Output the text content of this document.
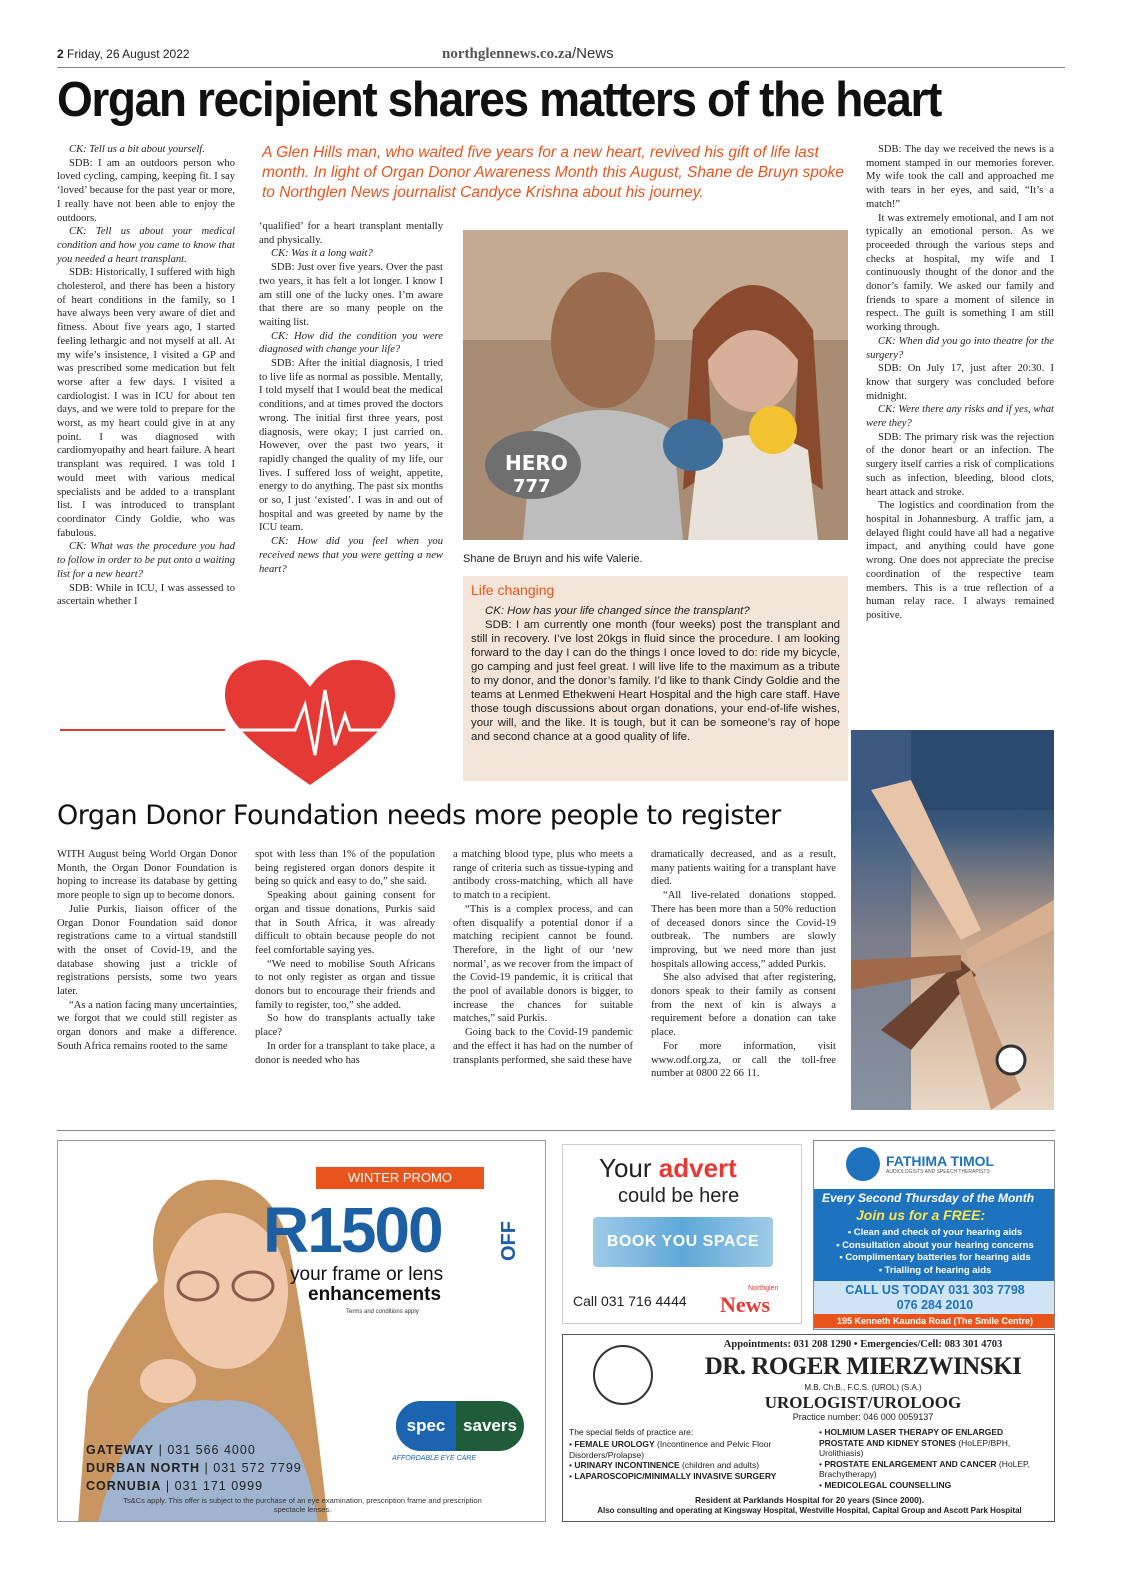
2 Friday, 26 August 2022	northglennews.co.za/News
Organ recipient shares matters of the heart

CK: Tell us a bit about yourself.

SDB: I am an outdoors person who loved cycling, camping, keeping fit. I say ‘loved’ because for the past year or more, I really have not been able to enjoy the outdoors.

CK: Tell us about your medical condition and how you came to know that you needed a heart transplant.

SDB: Historically, I suffered with high cholesterol, and there has been a history of heart conditions in the family, so I have always been very aware of diet and fitness. About five years ago, I started feeling lethargic and not myself at all. At my wife’s insistence, I visited a GP and was prescribed some medication but felt worse after a few days. I visited a cardiologist. I was in ICU for about ten days, and we were told to prepare for the worst, as my heart could give in at any point. I was diagnosed with cardiomyopathy and heart failure. A heart transplant was required. I was told I would meet with various medical specialists and be added to a transplant list. I was introduced to transplant coordinator Cindy Goldie, who was fabulous.

CK: What was the procedure you had to follow in order to be put onto a waiting list for a new heart?

SDB: While in ICU, I was assessed to ascertain whether I

‘qualified’ for a heart transplant mentally and physically.

CK: Was it a long wait?

SDB: Just over five years. Over the past two years, it has felt a lot longer. I know I am still one of the lucky ones. I’m aware that there are so many people on the waiting list.

CK: How did the condition you were diagnosed with change your life?

SDB: After the initial diagnosis, I tried to live life as normal as possible. Mentally, I told myself that I would beat the medical conditions, and at times proved the doctors wrong. The initial first three years, post diagnosis, were okay; I just carried on. However, over the past two years, it rapidly changed the quality of my life, our lives. I suffered loss of weight, appetite, energy to do anything. The past six months or so, I just ‘existed’. I was in and out of hospital and was greeted by name by the ICU team.

CK: How did you feel when you received news that you were getting a new heart?

SDB: The day we received the news is a moment stamped in our memories forever. My wife took the call and approached me with tears in her eyes, and said, “It’s a match!”

It was extremely emotional, and I am not typically an emotional person. As we proceeded through the various steps and checks at hospital, my wife and I continuously thought of the donor and the donor’s family. We asked our family and friends to spare a moment of silence in respect. The guilt is something I am still working through.

CK: When did you go into theatre for the surgery?

SDB: On July 17, just after 20:30. I know that surgery was concluded before midnight.

CK: Were there any risks and if yes, what were they?

SDB: The primary risk was the rejection of the donor heart or an infection. The surgery itself carries a risk of complications such as infection, bleeding, blood clots, heart attack and stroke.

The logistics and coordination from the hospital in Johannesburg. A traffic jam, a delayed flight could have all had a negative impact, and anything could have gone wrong. One does not appreciate the precise coordination of the respective team members. This is a true reflection of a human relay race. I always remained positive.

A Glen Hills man, who waited five years for a new heart, revived his gift of life last month. In light of Organ Donor Awareness Month this August, Shane de Bruyn spoke to Northglen News journalist Candyce Krishna about his journey.
HERO
777
Shane de Bruyn and his wife Valerie.
Life changing

CK: How has your life changed since the transplant?

SDB: I am currently one month (four weeks) post the transplant and still in recovery. I’ve lost 20kgs in fluid since the procedure. I am looking forward to the day I can do the things I once loved to do: ride my bicycle, go camping and just feel great. I will live life to the maximum as a tribute to my donor, and the donor’s family. I’d like to thank Cindy Goldie and the teams at Lenmed Ethekweni Heart Hospital and the high care staff. Have those tough discussions about organ donations, your end-of-life wishes, your will, and the like. It is tough, but it can be someone’s ray of hope and second chance at a good quality of life.

Organ Donor Foundation needs more people to register

WITH August being World Organ Donor Month, the Organ Donor Foundation is hoping to increase its database by getting more people to sign up to become donors.

Julie Purkis, liaison officer of the Organ Donor Foundation said donor registrations came to a virtual standstill with the onset of Covid-19, and the database showing just a trickle of registrations persists, some two years later.

“As a nation facing many uncertainties, we forgot that we could still register as organ donors and make a difference. South Africa remains rooted to the same

spot with less than 1% of the population being registered organ donors despite it being so quick and easy to do,” she said.

Speaking about gaining consent for organ and tissue donations, Purkis said that in South Africa, it was already difficult to obtain because people do not feel comfortable saying yes.

“We need to mobilise South Africans to not only register as organ and tissue donors but to encourage their friends and family to register, too,” she added.

So how do transplants actually take place?

In order for a transplant to take place, a donor is needed who has

a matching blood type, plus who meets a range of criteria such as tissue-typing and antibody cross-matching, which all have to match to a recipient.

“This is a complex process, and can often disqualify a potential donor if a matching recipient cannot be found. Therefore, in the light of our ‘new normal’, as we recover from the impact of the Covid-19 pandemic, it is critical that the pool of available donors is bigger, to increase the chances for suitable matches,” said Purkis.

Going back to the Covid-19 pandemic and the effect it has had on the number of transplants performed, she said these have

dramatically decreased, and as a result, many patients waiting for a transplant have died.

“All live-related donations stopped. There has been more than a 50% reduction of deceased donors since the Covid-19 outbreak. The numbers are slowly improving, but we need more than just hospitals allowing access,” added Purkis.

She also advised that after registering, donors speak to their family as consent from the next of kin is always a requirement before a donation can take place.

For more information, visit www.odf.org.za, or call the toll-free number at 0800 22 66 11.

WINTER PROMO
R1500	OFF
your frame or lens
enhancements
Terms and conditions apply
spec	savers
AFFORDABLE EYE CARE
GATEWAY | 031 566 4000
DURBAN NORTH | 031 572 7799
CORNUBIA | 031 171 0999
Ts&Cs apply. This offer is subject to the purchase of an eye examination, prescription frame and prescription spectacle lenses.
Your advert
could be here
BOOK YOU SPACE
Call 031 716 4444
Northglen
News
FATHIMA TIMOL
AUDIOLOGISTS AND SPEECH THERAPISTS
Every Second Thursday of the Month
Join us for a FREE:
• Clean and check of your hearing aids
• Consultation about your hearing concerns
• Complimentary batteries for hearing aids
• Trialling of hearing aids
CALL US TODAY 031 303 7798
076 284 2010
195 Kenneth Kaunda Road (The Smile Centre)
Appointments: 031 208 1290 • Emergencies/Cell: 083 301 4703
DR. ROGER MIERZWINSKI
M.B. Ch.B., F.C.S. (UROL) (S.A.)
UROLOGIST/UROLOOG
Practice number: 046 000 0059137
The special fields of practice are:
• FEMALE UROLOGY (Incontinence and Pelvic Floor Disorders/Prolapse)
• URINARY INCONTINENCE (children and adults)
• LAPAROSCOPIC/MINIMALLY INVASIVE SURGERY
• HOLMIUM LASER THERAPY OF ENLARGED PROSTATE AND KIDNEY STONES (HoLEP/BPH, Urolithiasis)
• PROSTATE ENLARGEMENT AND CANCER (HoLEP, Brachytherapy)
• MEDICOLEGAL COUNSELLING
Resident at Parklands Hospital for 20 years (Since 2000).
Also consulting and operating at Kingsway Hospital, Westville Hospital, Capital Group and Ascott Park Hospital
